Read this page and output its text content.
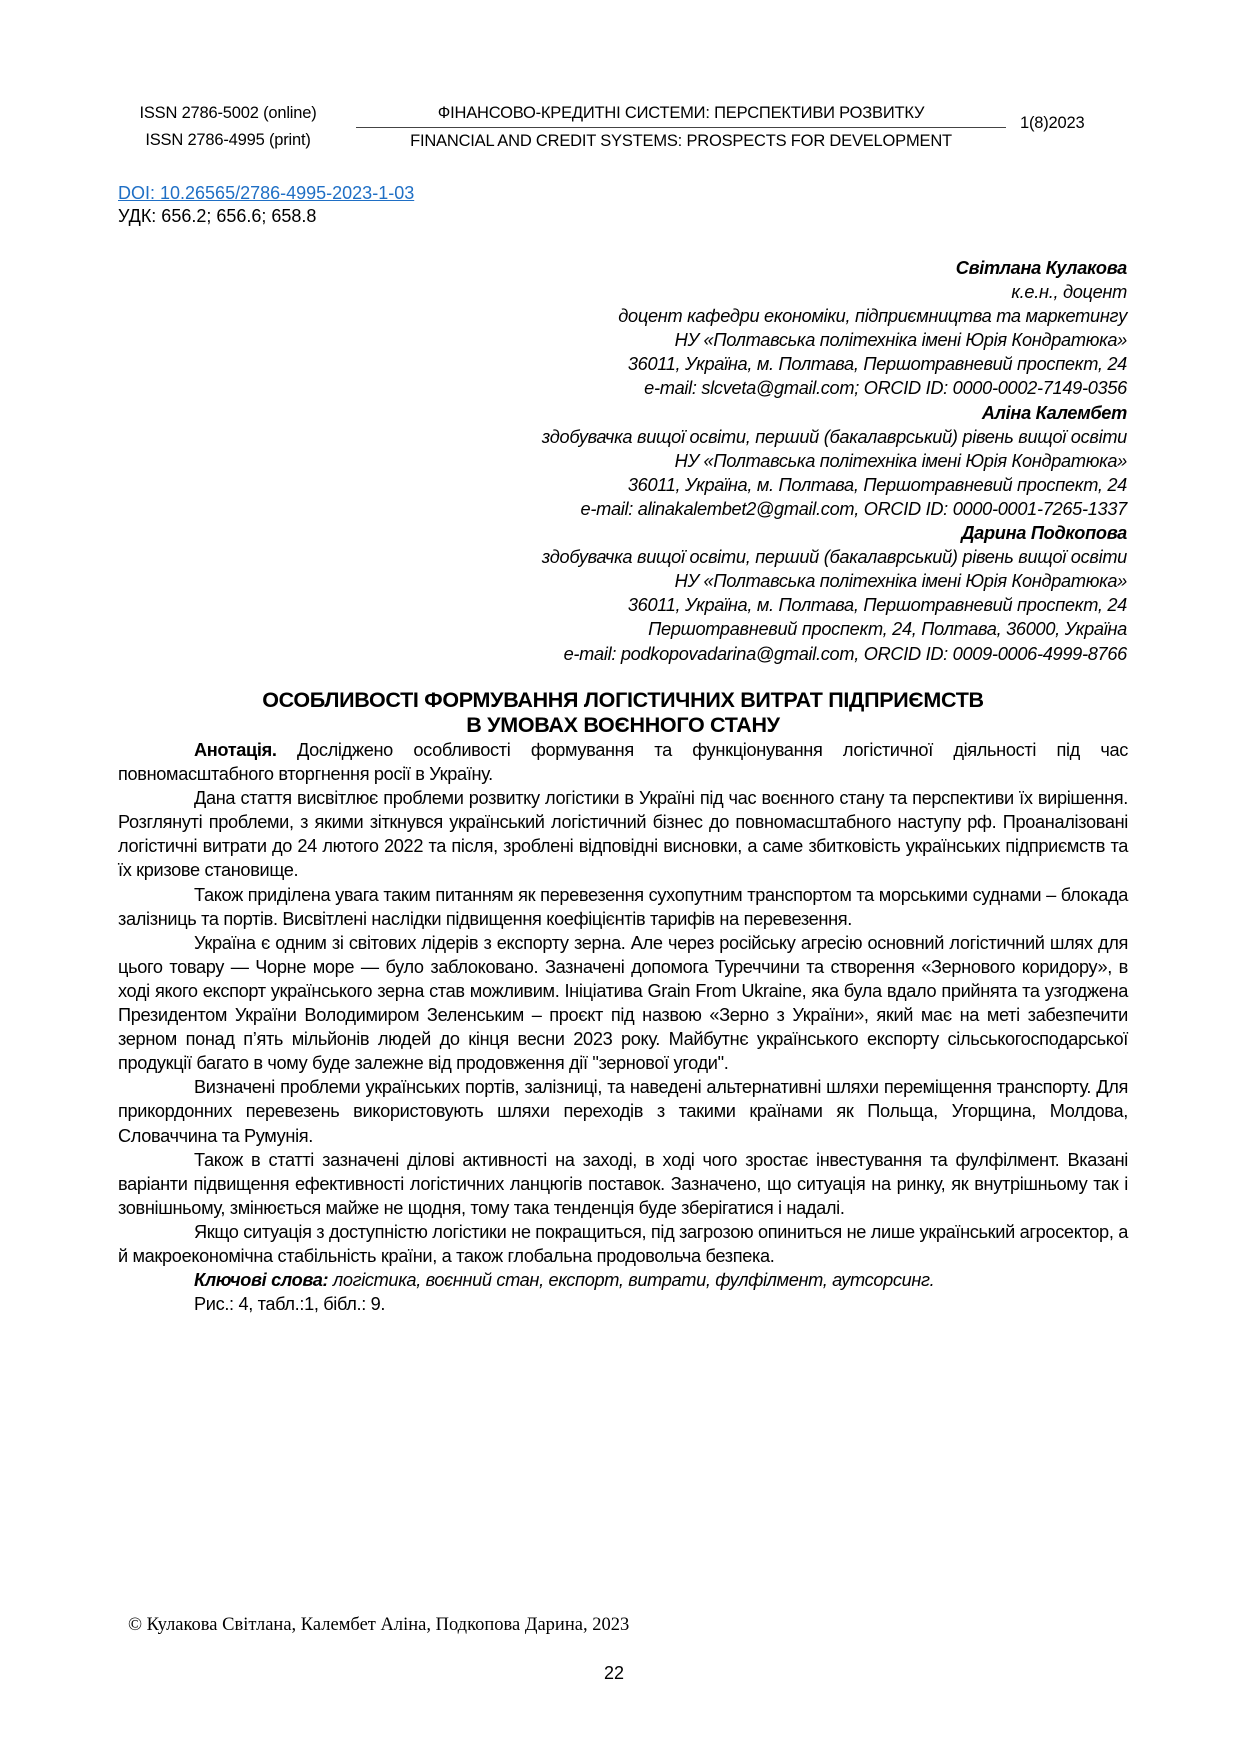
ISSN 2786-5002 (online)
ISSN 2786-4995 (print)
ФІНАНСОВО-КРЕДИТНІ СИСТЕМИ: ПЕРСПЕКТИВИ РОЗВИТКУ
FINANCIAL AND CREDIT SYSTEMS: PROSPECTS FOR DEVELOPMENT
1(8)2023
DOI: 10.26565/2786-4995-2023-1-03
УДК: 656.2; 656.6; 658.8
Світлана Кулакова
к.е.н., доцент
доцент кафедри економіки, підприємництва та маркетингу
НУ «Полтавська політехніка імені Юрія Кондратюка»
36011, Україна, м. Полтава, Першотравневий проспект, 24
e-mail: slcveta@gmail.com; ORCID ID: 0000-0002-7149-0356
Аліна Калембет
здобувачка вищої освіти, перший (бакалаврський) рівень вищої освіти
НУ «Полтавська політехніка імені Юрія Кондратюка»
36011, Україна, м. Полтава, Першотравневий проспект, 24
e-mail: alinakalembet2@gmail.com, ORCID ID: 0000-0001-7265-1337
Дарина Подкопова
здобувачка вищої освіти, перший (бакалаврський) рівень вищої освіти
НУ «Полтавська політехніка імені Юрія Кондратюка»
36011, Україна, м. Полтава, Першотравневий проспект, 24
Першотравневий проспект, 24, Полтава, 36000, Україна
e-mail: podkopovadarina@gmail.com, ORCID ID: 0009-0006-4999-8766
ОСОБЛИВОСТІ ФОРМУВАННЯ ЛОГІСТИЧНИХ ВИТРАТ ПІДПРИЄМСТВ
В УМОВАХ ВОЄННОГО СТАНУ

Анотація. Досліджено особливості формування та функціонування логістичної діяльності під час повномасштабного вторгнення росії в Україну.

Дана стаття висвітлює проблеми розвитку логістики в Україні під час воєнного стану та перспективи їх вирішення. Розглянуті проблеми, з якими зіткнувся український логістичний бізнес до повномасштабного наступу рф. Проаналізовані логістичні витрати до 24 лютого 2022 та після, зроблені відповідні висновки, а саме збитковість українських підприємств та їх кризове становище.

Також приділена увага таким питанням як перевезення сухопутним транспортом та морськими суднами – блокада залізниць та портів. Висвітлені наслідки підвищення коефіцієнтів тарифів на перевезення.

Україна є одним зі світових лідерів з експорту зерна. Але через російську агресію основний логістичний шлях для цього товару — Чорне море — було заблоковано. Зазначені допомога Туреччини та створення «Зернового коридору», в ході якого експорт українського зерна став можливим. Ініціатива Grain From Ukraine, яка була вдало прийнята та узгоджена Президентом України Володимиром Зеленським – проєкт під назвою «Зерно з України», який має на меті забезпечити зерном понад п’ять мільйонів людей до кінця весни 2023 року. Майбутнє українського експорту сільськогосподарської продукції багато в чому буде залежне від продовження дії "зернової угоди".

Визначені проблеми українських портів, залізниці, та наведені альтернативні шляхи переміщення транспорту. Для прикордонних перевезень використовують шляхи переходів з такими країнами як Польща, Угорщина, Молдова, Словаччина та Румунія.

Також в статті зазначені ділові активності на заході, в ході чого зростає інвестування та фулфілмент. Вказані варіанти підвищення ефективності логістичних ланцюгів поставок. Зазначено, що ситуація на ринку, як внутрішньому так і зовнішньому, змінюється майже не щодня, тому така тенденція буде зберігатися і надалі.

Якщо ситуація з доступністю логістики не покращиться, під загрозою опиниться не лише український агросектор, а й макроекономічна стабільність країни, а також глобальна продовольча безпека.

Ключові слова: логістика, воєнний стан, експорт, витрати, фулфілмент, аутсорсинг.

Рис.: 4, табл.:1, бібл.: 9.

© Кулакова Світлана, Калембет Аліна, Подкопова Дарина, 2023
22
